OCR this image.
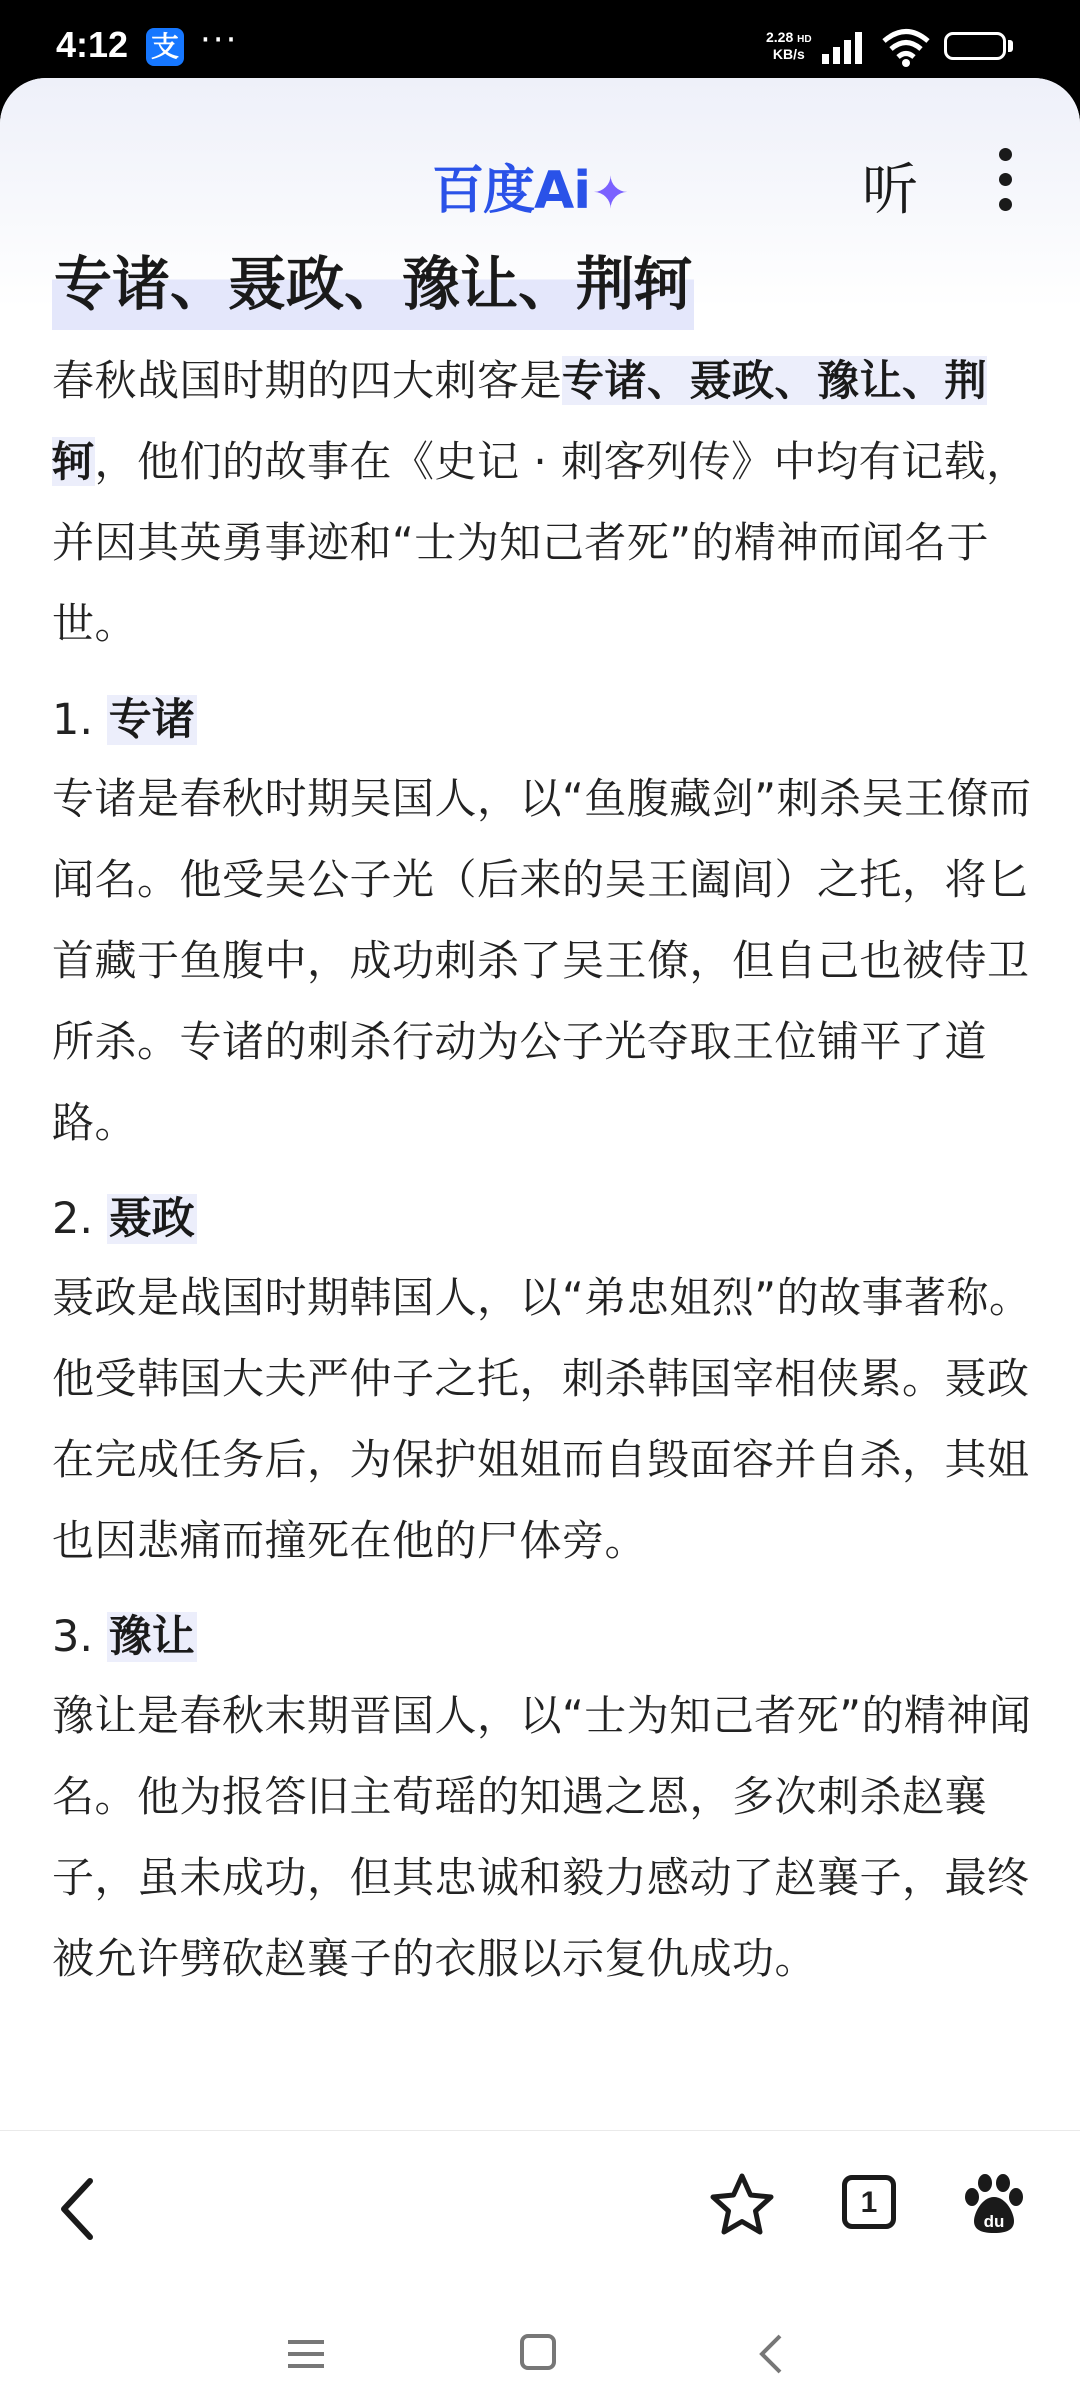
4:12 支 ···	2.28 HD
KB/s
83
百度Ai✦	听
专诸、聂政、豫让、荆轲

春秋战国时期的四大刺客是专诸、聂政、豫让、荆轲，他们的故事在《史记 · 刺客列传》中均有记载，并因其英勇事迹和“士为知己者死”的精神而闻名于世。

1. 专诸

专诸是春秋时期吴国人，以“鱼腹藏剑”刺杀吴王僚而闻名。他受吴公子光（后来的吴王阖闾）之托，将匕首藏于鱼腹中，成功刺杀了吴王僚，但自己也被侍卫所杀。专诸的刺杀行动为公子光夺取王位铺平了道路。

2. 聂政

聂政是战国时期韩国人，以“弟忠姐烈”的故事著称。他受韩国大夫严仲子之托，刺杀韩国宰相侠累。聂政在完成任务后，为保护姐姐而自毁面容并自杀，其姐也因悲痛而撞死在他的尸体旁。

3. 豫让

豫让是春秋末期晋国人，以“士为知己者死”的精神闻名。他为报答旧主荀瑶的知遇之恩，多次刺杀赵襄子，虽未成功，但其忠诚和毅力感动了赵襄子，最终被允许劈砍赵襄子的衣服以示复仇成功。

1
du
